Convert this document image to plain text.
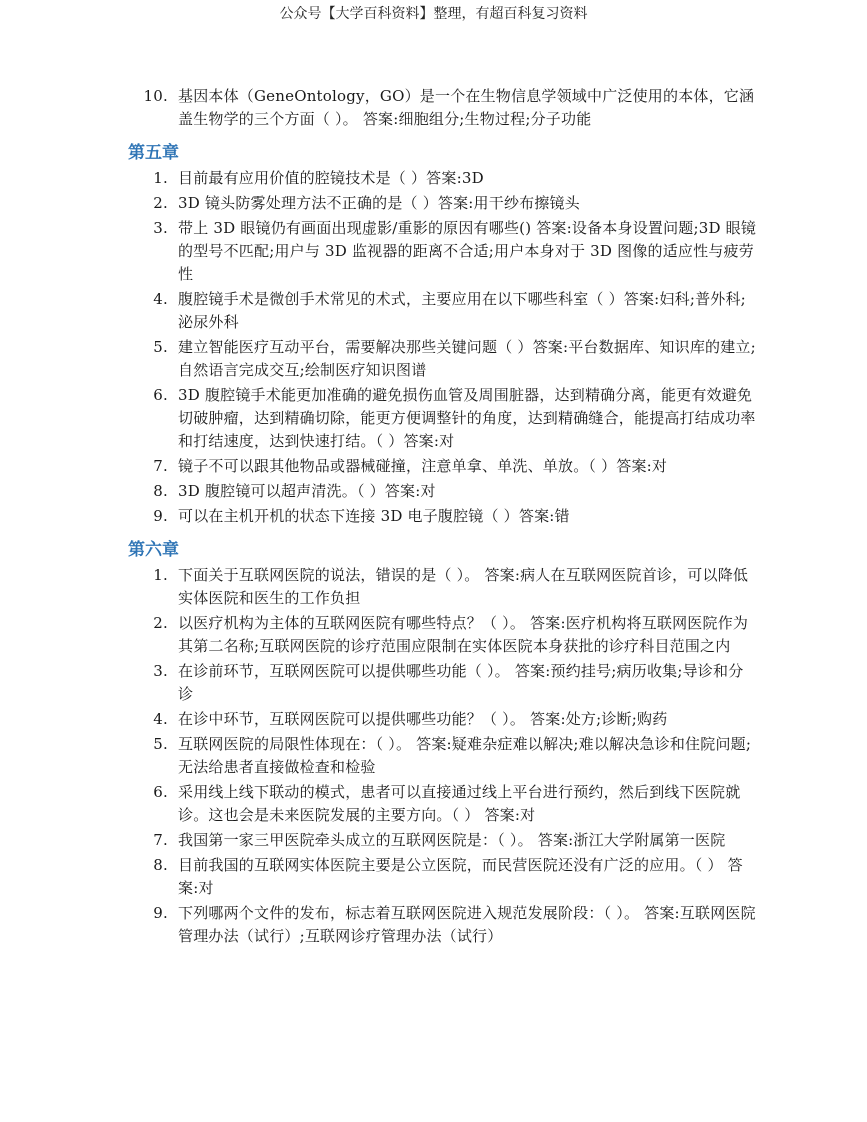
公众号【大学百科资料】整理，有超百科复习资料
10. 基因本体（GeneOntology，GO）是一个在生物信息学领域中广泛使用的本体，它涵盖生物学的三个方面（ ）。 答案:细胞组分;生物过程;分子功能
第五章
1. 目前最有应用价值的腔镜技术是（ ）答案:3D
2. 3D 镜头防雾处理方法不正确的是（ ）答案:用干纱布擦镜头
3. 带上 3D 眼镜仍有画面出现虚影/重影的原因有哪些() 答案:设备本身设置问题;3D 眼镜的型号不匹配;用户与 3D 监视器的距离不合适;用户本身对于 3D 图像的适应性与疲劳性
4. 腹腔镜手术是微创手术常见的术式，主要应用在以下哪些科室（ ）答案:妇科;普外科;泌尿外科
5. 建立智能医疗互动平台，需要解决那些关键问题（ ）答案:平台数据库、知识库的建立;自然语言完成交互;绘制医疗知识图谱
6. 3D 腹腔镜手术能更加准确的避免损伤血管及周围脏器，达到精确分离，能更有效避免切破肿瘤，达到精确切除，能更方便调整针的角度，达到精确缝合，能提高打结成功率和打结速度，达到快速打结。（ ）答案:对
7. 镜子不可以跟其他物品或器械碰撞，注意单拿、单洗、单放。（ ）答案:对
8. 3D 腹腔镜可以超声清洗。（ ）答案:对
9. 可以在主机开机的状态下连接 3D 电子腹腔镜（ ）答案:错
第六章
1. 下面关于互联网医院的说法，错误的是（ ）。 答案:病人在互联网医院首诊，可以降低实体医院和医生的工作负担
2. 以医疗机构为主体的互联网医院有哪些特点？（ ）。 答案:医疗机构将互联网医院作为其第二名称;互联网医院的诊疗范围应限制在实体医院本身获批的诊疗科目范围之内
3. 在诊前环节，互联网医院可以提供哪些功能（ ）。 答案:预约挂号;病历收集;导诊和分诊
4. 在诊中环节，互联网医院可以提供哪些功能？（ ）。 答案:处方;诊断;购药
5. 互联网医院的局限性体现在：（ ）。 答案:疑难杂症难以解决;难以解决急诊和住院问题;无法给患者直接做检查和检验
6. 采用线上线下联动的模式，患者可以直接通过线上平台进行预约，然后到线下医院就诊。这也会是未来医院发展的主要方向。（ ） 答案:对
7. 我国第一家三甲医院牵头成立的互联网医院是：（ ）。 答案:浙江大学附属第一医院
8. 目前我国的互联网实体医院主要是公立医院，而民营医院还没有广泛的应用。（ ） 答案:对
9. 下列哪两个文件的发布，标志着互联网医院进入规范发展阶段：（ ）。 答案:互联网医院管理办法（试行）;互联网诊疗管理办法（试行）
